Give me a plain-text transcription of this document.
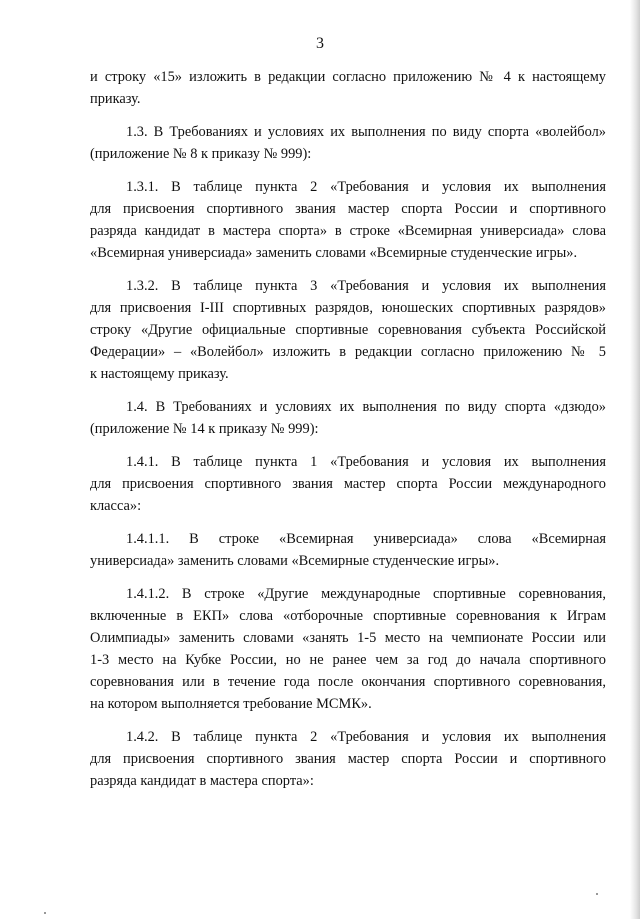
3
и строку «15» изложить в редакции согласно приложению № 4 к настоящему
приказу.
1.3. В Требованиях и условиях их выполнения по виду спорта «волейбол»
(приложение № 8 к приказу № 999):
1.3.1. В таблице пункта 2 «Требования и условия их выполнения
для присвоения спортивного звания мастер спорта России и спортивного
разряда кандидат в мастера спорта» в строке «Всемирная универсиада» слова
«Всемирная универсиада» заменить словами «Всемирные студенческие игры».
1.3.2. В таблице пункта 3 «Требования и условия их выполнения
для присвоения I-III спортивных разрядов, юношеских спортивных разрядов»
строку «Другие официальные спортивные соревнования субъекта Российской
Федерации» – «Волейбол» изложить в редакции согласно приложению № 5
к настоящему приказу.
1.4. В Требованиях и условиях их выполнения по виду спорта «дзюдо»
(приложение № 14 к приказу № 999):
1.4.1. В таблице пункта 1 «Требования и условия их выполнения
для присвоения спортивного звания мастер спорта России международного
класса»:
1.4.1.1. В строке «Всемирная универсиада» слова «Всемирная
универсиада» заменить словами «Всемирные студенческие игры».
1.4.1.2. В строке «Другие международные спортивные соревнования,
включенные в ЕКП» слова «отборочные спортивные соревнования к Играм
Олимпиады» заменить словами «занять 1-5 место на чемпионате России или
1-3 место на Кубке России, но не ранее чем за год до начала спортивного
соревнования или в течение года после окончания спортивного соревнования,
на котором выполняется требование МСМК».
1.4.2. В таблице пункта 2 «Требования и условия их выполнения
для присвоения спортивного звания мастер спорта России и спортивного
разряда кандидат в мастера спорта»:
